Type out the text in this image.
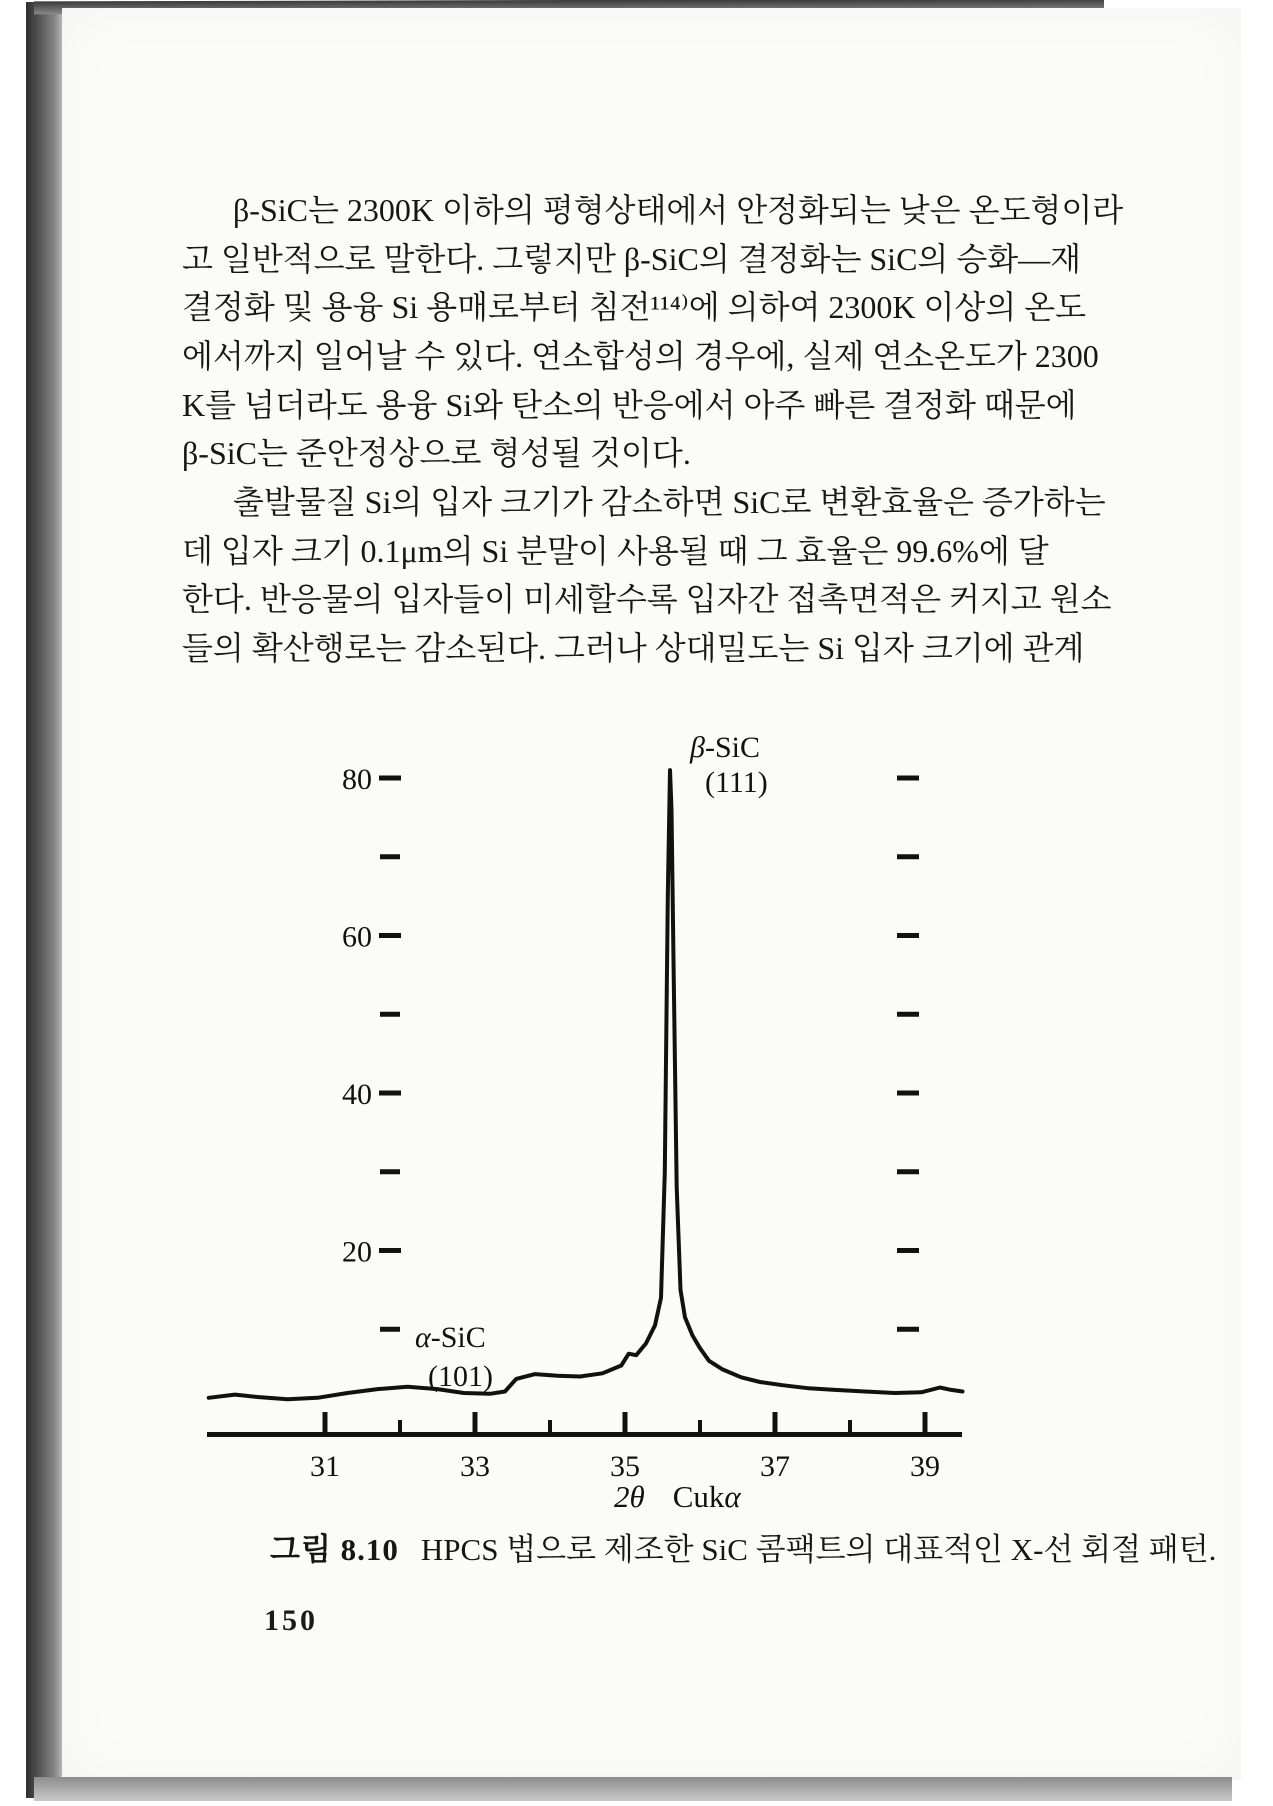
β-SiC는 2300K 이하의 평형상태에서 안정화되는 낮은 온도형이라
고 일반적으로 말한다. 그렇지만 β-SiC의 결정화는 SiC의 승화—재
결정화 및 용융 Si 용매로부터 침전¹¹⁴⁾에 의하여 2300K 이상의 온도
에서까지 일어날 수 있다. 연소합성의 경우에, 실제 연소온도가 2300
K를 넘더라도 용융 Si와 탄소의 반응에서 아주 빠른 결정화 때문에
β-SiC는 준안정상으로 형성될 것이다.
출발물질 Si의 입자 크기가 감소하면 SiC로 변환효율은 증가하는
데 입자 크기 0.1μm의 Si 분말이 사용될 때 그 효율은 99.6%에 달
한다. 반응물의 입자들이 미세할수록 입자간 접촉면적은 커지고 원소
들의 확산행로는 감소된다. 그러나 상대밀도는 Si 입자 크기에 관계
80
60
40
20
31	33	35	37	39
β-SiC
(111)
α-SiC
(101)
2θ Cukα
그림 8.10 HPCS 법으로 제조한 SiC 콤팩트의 대표적인 X-선 회절 패턴.
150
